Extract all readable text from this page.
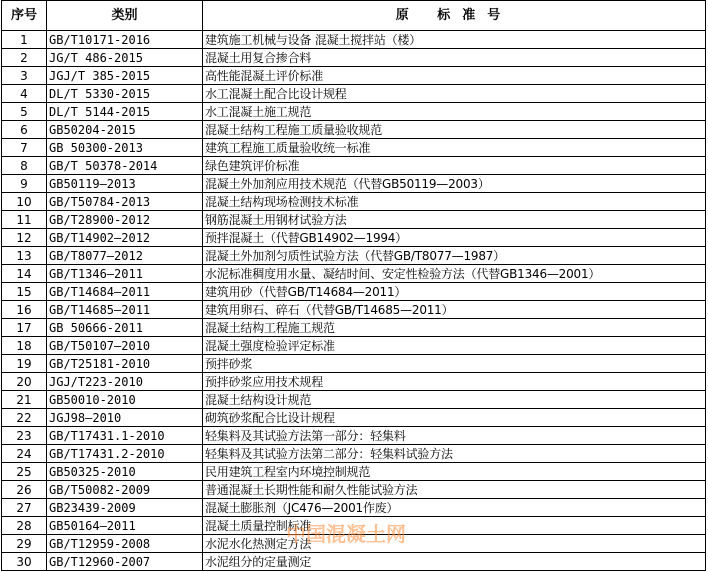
序号	类别	原 标准号
1	GB/T10171-2016	建筑施工机械与设备 混凝土搅拌站（楼）
2	JG/T 486-2015	混凝土用复合掺合料
3	JGJ/T 385-2015	高性能混凝土评价标准
4	DL/T 5330-2015	水工混凝土配合比设计规程
5	DL/T 5144-2015	水工混凝土施工规范
6	GB50204-2015	混凝土结构工程施工质量验收规范
7	GB 50300-2013	建筑工程施工质量验收统一标准
8	GB/T 50378-2014	绿色建筑评价标准
9	GB50119—2013	混凝土外加剂应用技术规范（代替GB50119—2003）
10	GB/T50784-2013	混凝土结构现场检测技术标准
11	GB/T28900-2012	钢筋混凝土用钢材试验方法
12	GB/T14902—2012	预拌混凝土（代替GB14902—1994）
13	GB/T8077—2012	混凝土外加剂匀质性试验方法（代替GB/T8077—1987）
14	GB/T1346—2011	水泥标准稠度用水量、凝结时间、安定性检验方法（代替GB1346—2001）
15	GB/T14684—2011	建筑用砂（代替GB/T14684—2011）
16	GB/T14685—2011	建筑用卵石、碎石（代替GB/T14685—2011）
17	GB 50666-2011	混凝土结构工程施工规范
18	GB/T50107—2010	混凝土强度检验评定标准
19	GB/T25181-2010	预拌砂浆
20	JGJ/T223-2010	预拌砂浆应用技术规程
21	GB50010-2010	混凝土结构设计规范
22	JGJ98—2010	砌筑砂浆配合比设计规程
23	GB/T17431.1-2010	轻集料及其试验方法第一部分：轻集料
24	GB/T17431.2-2010	轻集料及其试验方法第二部分：轻集料试验方法
25	GB50325-2010	民用建筑工程室内环境控制规范
26	GB/T50082-2009	普通混凝土长期性能和耐久性能试验方法
27	GB23439-2009	混凝土膨胀剂（JC476—2001作废）
28	GB50164—2011	混凝土质量控制标准
29	GB/T12959-2008	水泥水化热测定方法
30	GB/T12960-2007	水泥组分的定量测定
中国混凝土网
